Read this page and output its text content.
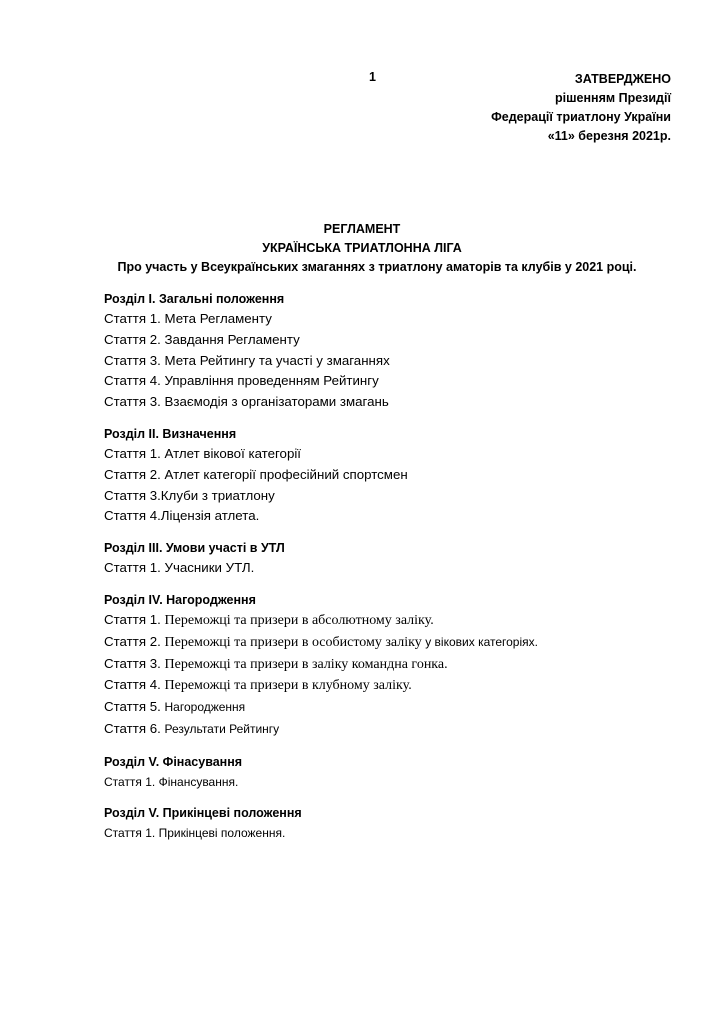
1	ЗАТВЕРДЖЕНО
рішенням Президії
Федерації триатлону України
«11» березня 2021р.
РЕГЛАМЕНТ
УКРАЇНСЬКА ТРИАТЛОННА ЛІГА
Про участь у Всеукраїнських змаганнях з триатлону аматорів та клубів у 2021 році.
Розділ І. Загальні положення
Стаття 1. Мета Регламенту
Стаття 2. Завдання Регламенту
Стаття 3. Мета Рейтингу та участі у змаганнях
Стаття 4. Управління проведенням Рейтингу
Стаття 3. Взаємодія з організаторами змагань
Розділ ІІ. Визначення
Стаття 1. Атлет вікової категорії
Стаття 2. Атлет категорії професійний спортсмен
Стаття 3.Клуби з триатлону
Стаття 4.Ліцензія атлета.
Розділ ІІІ. Умови участі в УТЛ
Стаття 1. Учасники УТЛ.
Розділ IV. Нагородження
Стаття 1. Переможці та призери в абсолютному заліку.
Стаття 2. Переможці та призери в особистому заліку у вікових категоріях.
Стаття 3. Переможці та призери в заліку командна гонка.
Стаття 4. Переможці та призери в клубному заліку.
Стаття 5. Нагородження
Стаття 6. Результати Рейтингу
Розділ V. Фінасування
Стаття 1. Фінансування.
Розділ V. Прикінцеві положення
Стаття 1. Прикінцеві положення.
